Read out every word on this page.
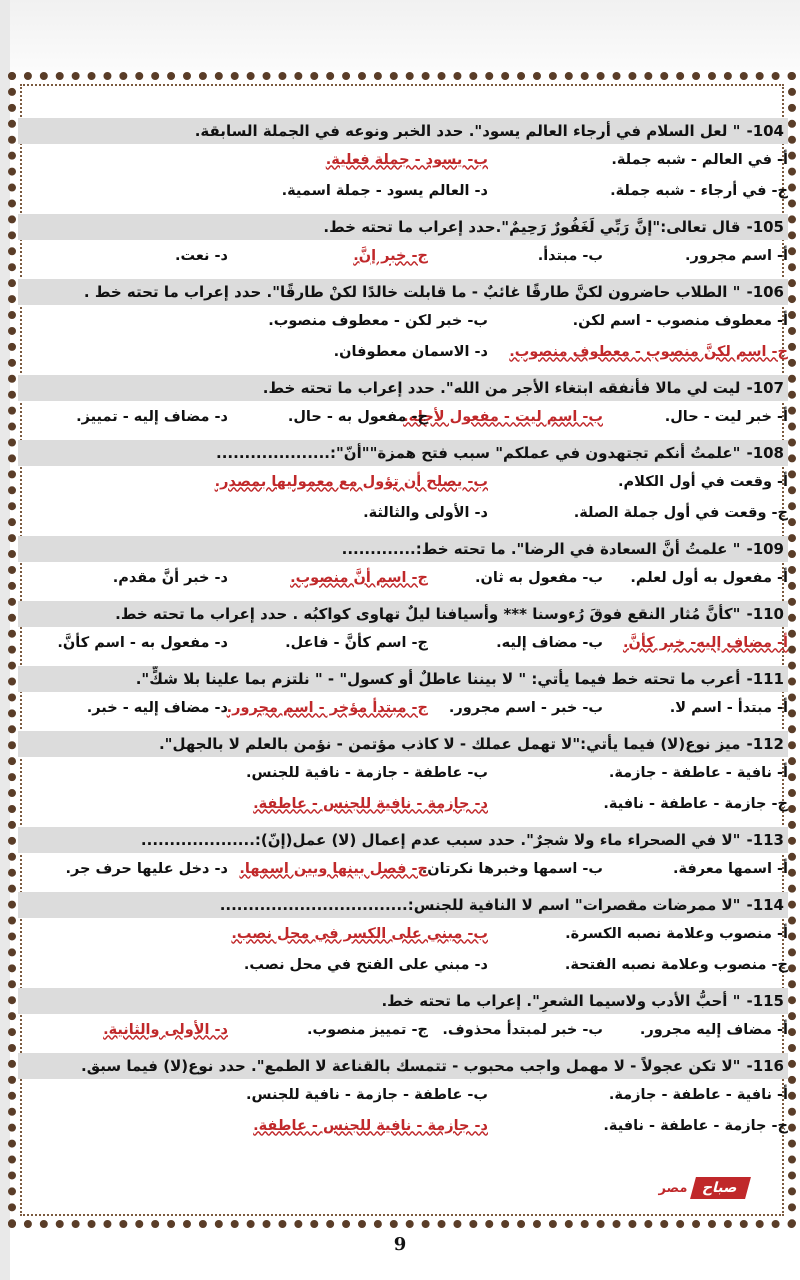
104-
" لعل السلام في أرجاء العالم يسود". حدد الخبر ونوعه في الجملة السابقة.
أ- في العالم - شبه جملة.
ب- يسود - جملة فعلية.
ج- في أرجاء - شبه جملة.
د- العالم يسود - جملة اسمية.
105-
قال تعالى:"إنَّ رَبِّي لَغَفُورٌ رَحِيمٌ".حدد إعراب ما تحته خط.
أ- اسم مجرور.
ب- مبتدأ.
ج- خبر إنَّ.
د- نعت.
106-
" الطلاب حاضرون لكنَّ طارقًا غائبٌ - ما قابلت خالدًا لكنْ طارقًا". حدد إعراب ما تحته خط .
أ- معطوف منصوب - اسم لكن.
ب- خبر لكن - معطوف منصوب.
ج- اسم لكنَّ منصوب - معطوف منصوب.
د- الاسمان معطوفان.
107-
ليت لي مالا فأنفقه ابتغاء الأجر من الله". حدد إعراب ما تحته خط.
أ- خبر ليت - حال.
ب- اسم ليت - مفعول لأجله.
ج- مفعول به - حال.
د- مضاف إليه - تمييز.
108-
"علمتُ أنكم تجتهدون في عملكم" سبب فتح همزة""أنّ":....................
أ- وقعت في أول الكلام.
ب- يصلح أن تؤول مع معموليها بمصدر.
ج- وقعت في أول جملة الصلة.
د- الأولى والثالثة.
109-
" علمتُ أنَّ السعادة في الرضا". ما تحته خط:.............
أ- مفعول به أول لعلم.
ب- مفعول به ثان.
ج- اسم أنَّ منصوب.
د- خبر أنَّ مقدم.
110-
"كأنَّ مُثار النقع فوقَ رُءوسنا *** وأسيافنا ليلٌ تهاوى كواكبُه . حدد إعراب ما تحته خط.
أ- مضاف إليه- خبر كأنَّ.
ب- مضاف إليه.
ج- اسم كأنَّ - فاعل.
د- مفعول به - اسم كأنَّ.
111-
أعرب ما تحته خط فيما يأتي: " لا بيننا عاطلٌ أو كسول" - " نلتزم بما علينا بلا شكٍّ".
أ- مبتدأ - اسم لا.
ب- خبر - اسم مجرور.
ج- مبتدأ مؤخر - اسم مجرور.
د- مضاف إليه - خبر.
112-
ميز نوع(لا) فيما يأتي:"لا تهمل عملك - لا كاذب مؤتمن - نؤمن بالعلم لا بالجهل".
أ- نافية - عاطفة - جازمة.
ب- عاطفة - جازمة - نافية للجنس.
ج- جازمة - عاطفة - نافية.
د- جازمة - نافية للجنس - عاطفة.
113-
"لا في الصحراء ماء ولا شجرٌ". حدد سبب عدم إعمال (لا) عمل(إنّ):....................
أ- اسمها معرفة.
ب- اسمها وخبرها نكرتان.
ج- فصل بينها وبين اسمها.
د- دخل عليها حرف جر.
114-
"لا ممرضات مقصرات" اسم لا النافية للجنس:.................................
أ- منصوب وعلامة نصبه الكسرة.
ب- مبني على الكسر في محل نصب.
ج- منصوب وعلامة نصبه الفتحة.
د- مبني على الفتح في محل نصب.
115-
" أحبُّ الأدب ولاسيما الشعرِ". إعراب ما تحته خط.
أ- مضاف إليه مجرور.
ب- خبر لمبتدأ محذوف.
ج- تمييز منصوب.
د- الأولى والثانية.
116-
"لا تكن عجولاً - لا مهمل واجب محبوب - تتمسك بالقناعة لا الطمع". حدد نوع(لا) فيما سبق.
أ- نافية - عاطفة - جازمة.
ب- عاطفة - جازمة - نافية للجنس.
ج- جازمة - عاطفة - نافية.
د- جازمة - نافية للجنس - عاطفة.
صباح
مصر
9
